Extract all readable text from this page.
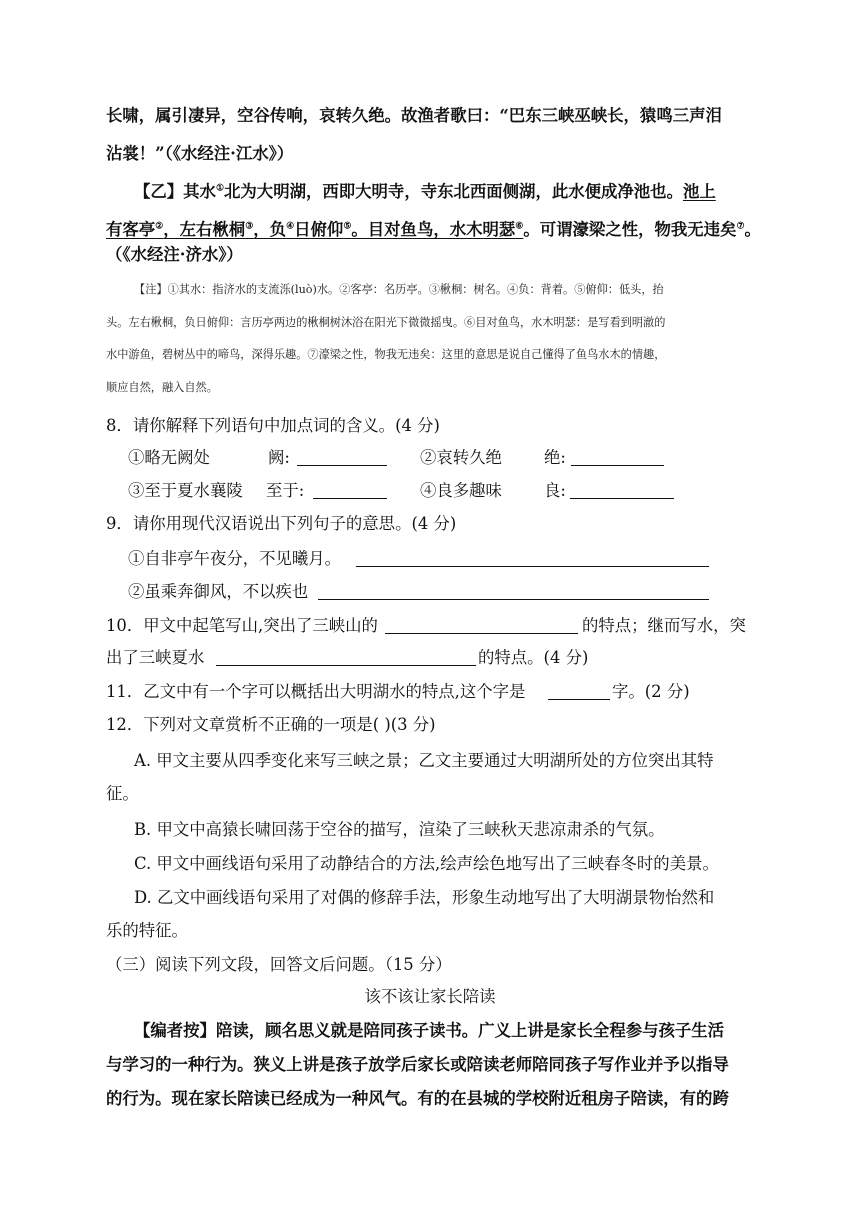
长啸，属引凄异，空谷传响，哀转久绝。故渔者歌曰：“巴东三峡巫峡长，猿鸣三声泪
沾裳！”（《水经注·江水》）
【乙】其水①北为大明湖，西即大明寺，寺东北西面侧湖，此水便成净池也。池上
有客亭②，左右楸桐③，负④日俯仰⑤。目对鱼鸟，水木明瑟⑥。可谓濠梁之性，物我无违矣⑦。
（《水经注·济水》）
【注】①其水：指济水的支流泺(luò)水。②客亭：名历亭。③楸桐：树名。④负：背着。⑤俯仰：低头，抬
头。左右楸桐，负日俯仰：言历亭两边的楸桐树沐浴在阳光下微微摇曳。⑥目对鱼鸟，水木明瑟：是写看到明澈的
水中游鱼，碧树丛中的啼鸟，深得乐趣。⑦濠梁之性，物我无违矣：这里的意思是说自己懂得了鱼鸟水木的情趣，
顺应自然，融入自然。
8．请你解释下列语句中加点词的含义。(4 分)
①略无阙处	阙:	②哀转久绝	绝:
③至于夏水襄陵 至于:	④良多趣味	良:
9．请你用现代汉语说出下列句子的意思。(4 分)
①自非亭午夜分，不见曦月。
②虽乘奔御风，不以疾也
10．甲文中起笔写山,突出了三峡山的	的特点；继而写水，突
出了三峡夏水	的特点。(4 分)
11．乙文中有一个字可以概括出大明湖水的特点,这个字是	字。(2 分)
12．下列对文章赏析不正确的一项是( )(3 分)
A. 甲文主要从四季变化来写三峡之景；乙文主要通过大明湖所处的方位突出其特
征。
B. 甲文中高猿长啸回荡于空谷的描写，渲染了三峡秋天悲凉肃杀的气氛。
C. 甲文中画线语句采用了动静结合的方法,绘声绘色地写出了三峡春冬时的美景。
D. 乙文中画线语句采用了对偶的修辞手法，形象生动地写出了大明湖景物怡然和
乐的特征。
（三）阅读下列文段，回答文后问题。（15 分）
该不该让家长陪读
【编者按】陪读，顾名思义就是陪同孩子读书。广义上讲是家长全程参与孩子生活
与学习的一种行为。狭义上讲是孩子放学后家长或陪读老师陪同孩子写作业并予以指导
的行为。现在家长陪读已经成为一种风气。有的在县城的学校附近租房子陪读，有的跨
